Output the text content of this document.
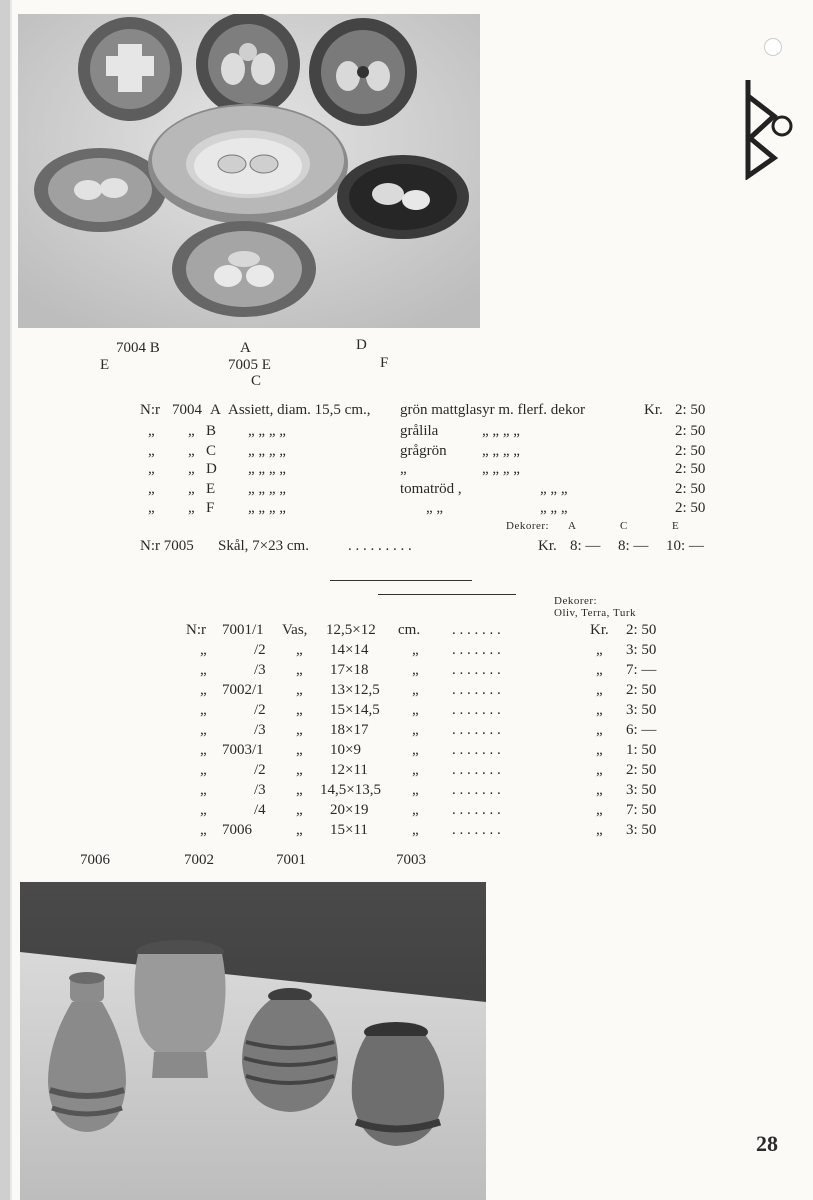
7004 B	A	D
E	7005 E	F
C
N:r 7004 A Assiett, diam. 15,5 cm., grön mattglasyr m. flerf. dekor	Kr. 2: 50
„ „ B „ „ „ „	grålila	„ „ „ „	2: 50
„ „ C „ „ „ „	grågrön „ „ „ „	2: 50
„ „ D „ „ „ „	„	„ „ „ „	2: 50
„ „ E „ „ „ „	tomatröd ,	„ „ „	2: 50
„ „ F „ „ „ „	„ „	„ „ „	2: 50
Dekorer: A	C	E
N:r 7005 Skål, 7×23 cm.	. . . . . . . . .	Kr. 8: — 8: — 10: —
Dekorer:
Oliv, Terra, Turk
N:r 7001/1 Vas, 12,5×12 cm. . . . . . . .	Kr. 2: 50
„	/2 „ 14×14	„ . . . . . . .	„ 3: 50
„	/3 „ 17×18	„ . . . . . . .	„ 7: —
„ 7002/1 „ 13×12,5 „ . . . . . . .	„ 2: 50
„	/2 „ 15×14,5 „ . . . . . . .	„ 3: 50
„	/3 „ 18×17	„ . . . . . . .	„ 6: —
„ 7003/1 „ 10×9	„ . . . . . . .	„ 1: 50
„	/2 „ 12×11	„ . . . . . . .	„ 2: 50
„	/3 „ 14,5×13,5 „ . . . . . . .	„ 3: 50
„	/4 „ 20×19	„ . . . . . . .	„ 7: 50
„ 7006	„ 15×11	„ . . . . . . .	„ 3: 50
7006	7002	7001	7003
28
